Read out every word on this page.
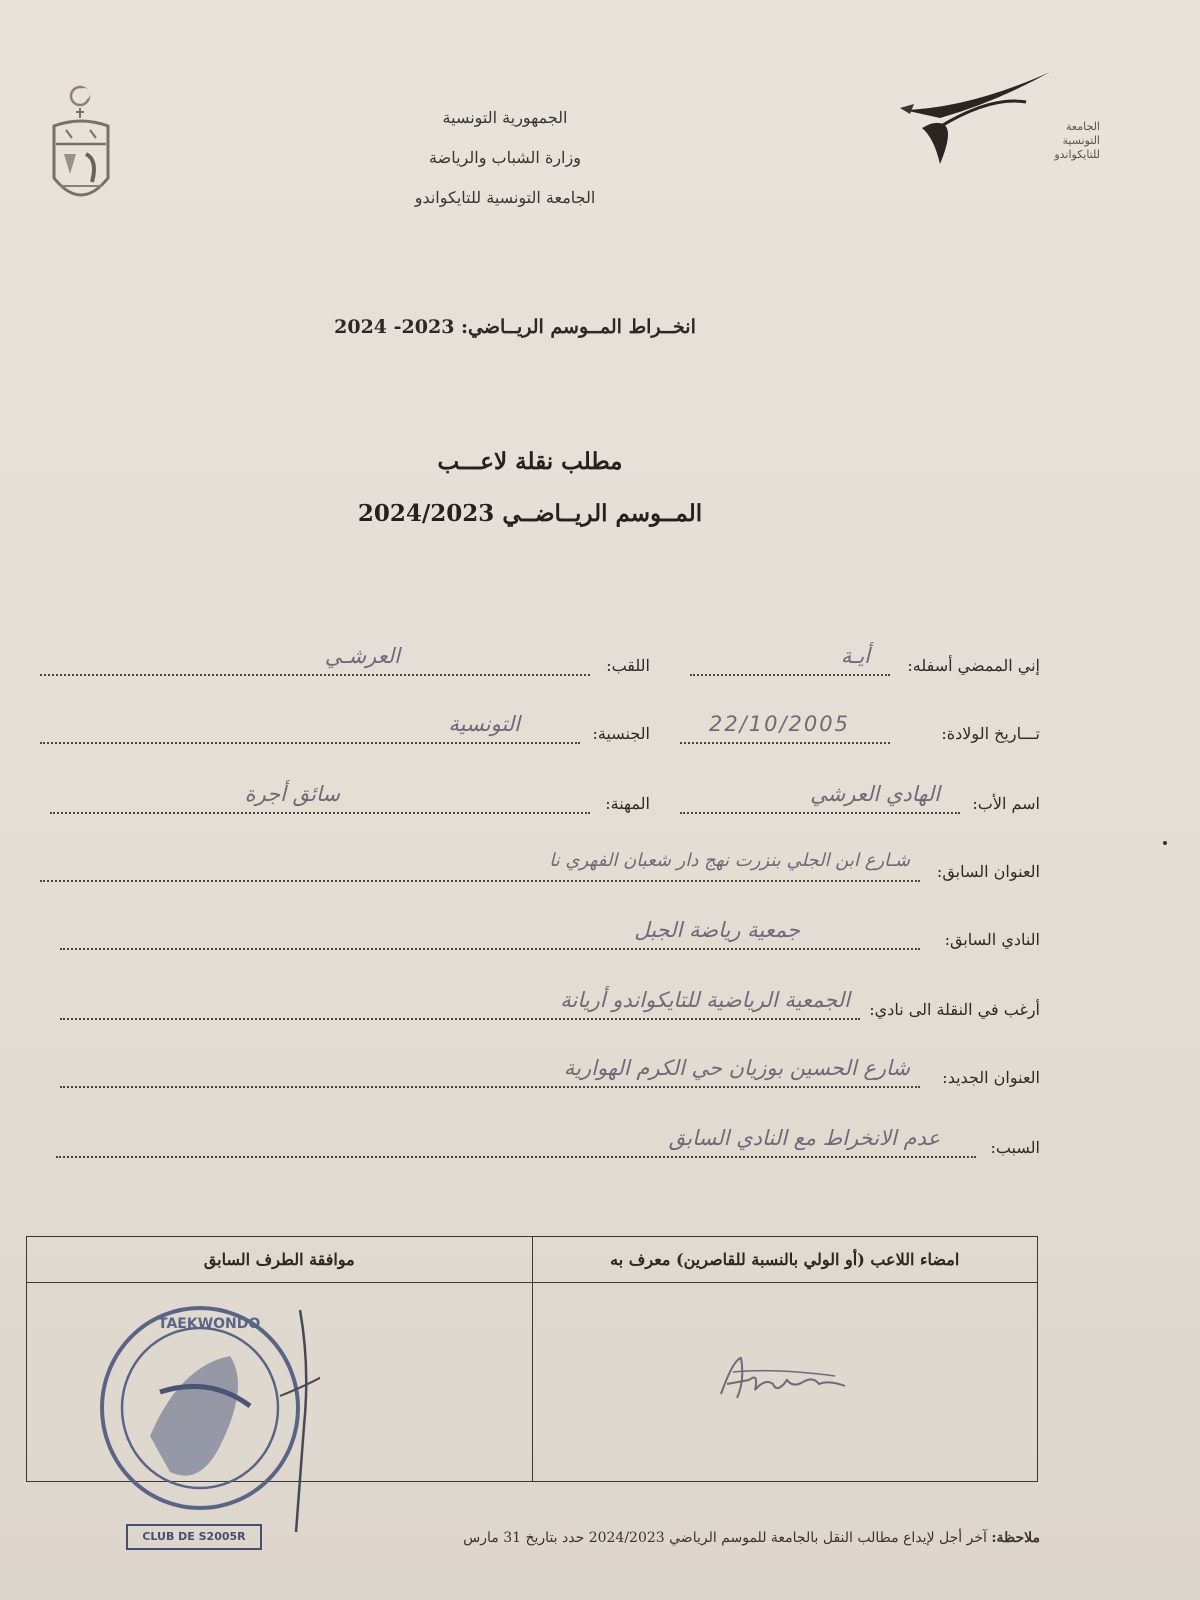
الجامعة
التونسية
للتايكواندو
الجمهورية التونسية
وزارة الشباب والرياضة
الجامعة التونسية للتايكواندو
انخــراط المــوسم الريــاضي: 2023- 2024
مطلب نقلة لاعـــب
المــوسم الريــاضــي 2024/2023
إني الممضي أسفله:
أيـة
اللقب:
العرشـي
تـــاريخ الولادة:
22/10/2005
الجنسية:
التونسية
اسم الأب:
الهادي العرشي
المهنة:
سائق أجرة
العنوان السابق:
شـارع ابن الجلي بنزرت نهج دار شعبان الفهري نا
النادي السابق:
جمعية رياضة الجبل
أرغب في النقلة الى نادي:
الجمعية الرياضية للتايكواندو أريانة
العنوان الجديد:
شارع الحسين بوزيان حي الكرم الهوارية
السبب:
عدم الانخراط مع النادي السابق
موافقة الطرف السابق	امضاء اللاعب (أو الولي بالنسبة للقاصرين) معرف به

TAEKWONDO
CLUB DE S2005R	ملاحظة: آخر أجل لإيداع مطالب النقل بالجامعة للموسم الرياضي 2024/2023 حدد بتاريخ 31 مارس
